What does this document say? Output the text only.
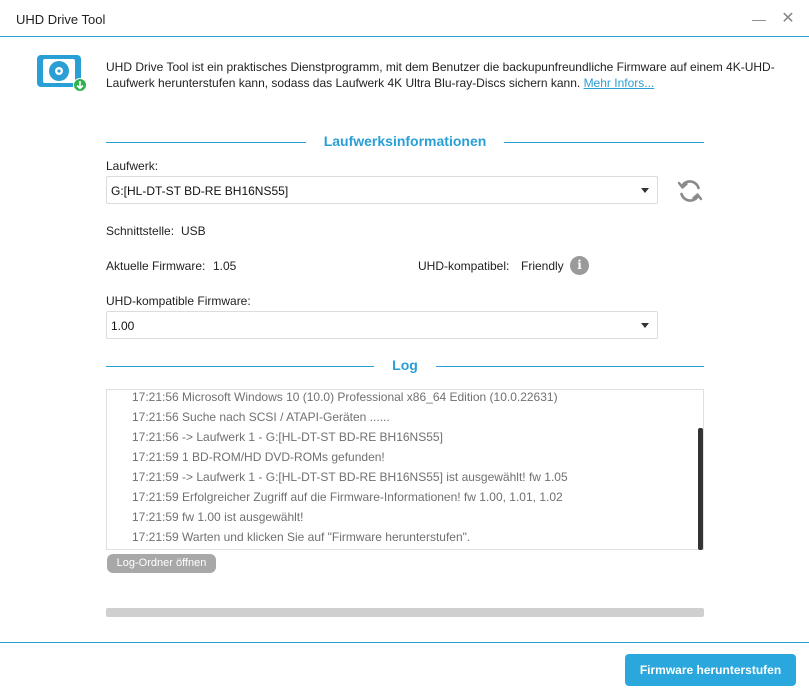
UHD Drive Tool	— ✕
UHD Drive Tool ist ein praktisches Dienstprogramm, mit dem Benutzer die backupunfreundliche Firmware auf einem 4K-UHD-Laufwerk herunterstufen kann, sodass das Laufwerk 4K Ultra Blu-ray-Discs sichern kann. Mehr Infors...
Laufwerksinformationen
Laufwerk:
G:[HL-DT-ST BD-RE BH16NS55]
Schnittstelle: USB
Aktuelle Firmware: 1.05	UHD-kompatibel: Friendly	i
UHD-kompatible Firmware:
1.00
Log
17:21:56 Microsoft Windows 10 (10.0) Professional x86_64 Edition (10.0.22631)
17:21:56 Suche nach SCSI / ATAPI-Geräten ......
17:21:56 -> Laufwerk 1 - G:[HL-DT-ST BD-RE BH16NS55]
17:21:59 1 BD-ROM/HD DVD-ROMs gefunden!
17:21:59 -> Laufwerk 1 - G:[HL-DT-ST BD-RE BH16NS55] ist ausgewählt! fw 1.05
17:21:59 Erfolgreicher Zugriff auf die Firmware-Informationen! fw 1.00, 1.01, 1.02
17:21:59 fw 1.00 ist ausgewählt!
17:21:59 Warten und klicken Sie auf "Firmware herunterstufen".
Log-Ordner öffnen
Firmware herunterstufen
